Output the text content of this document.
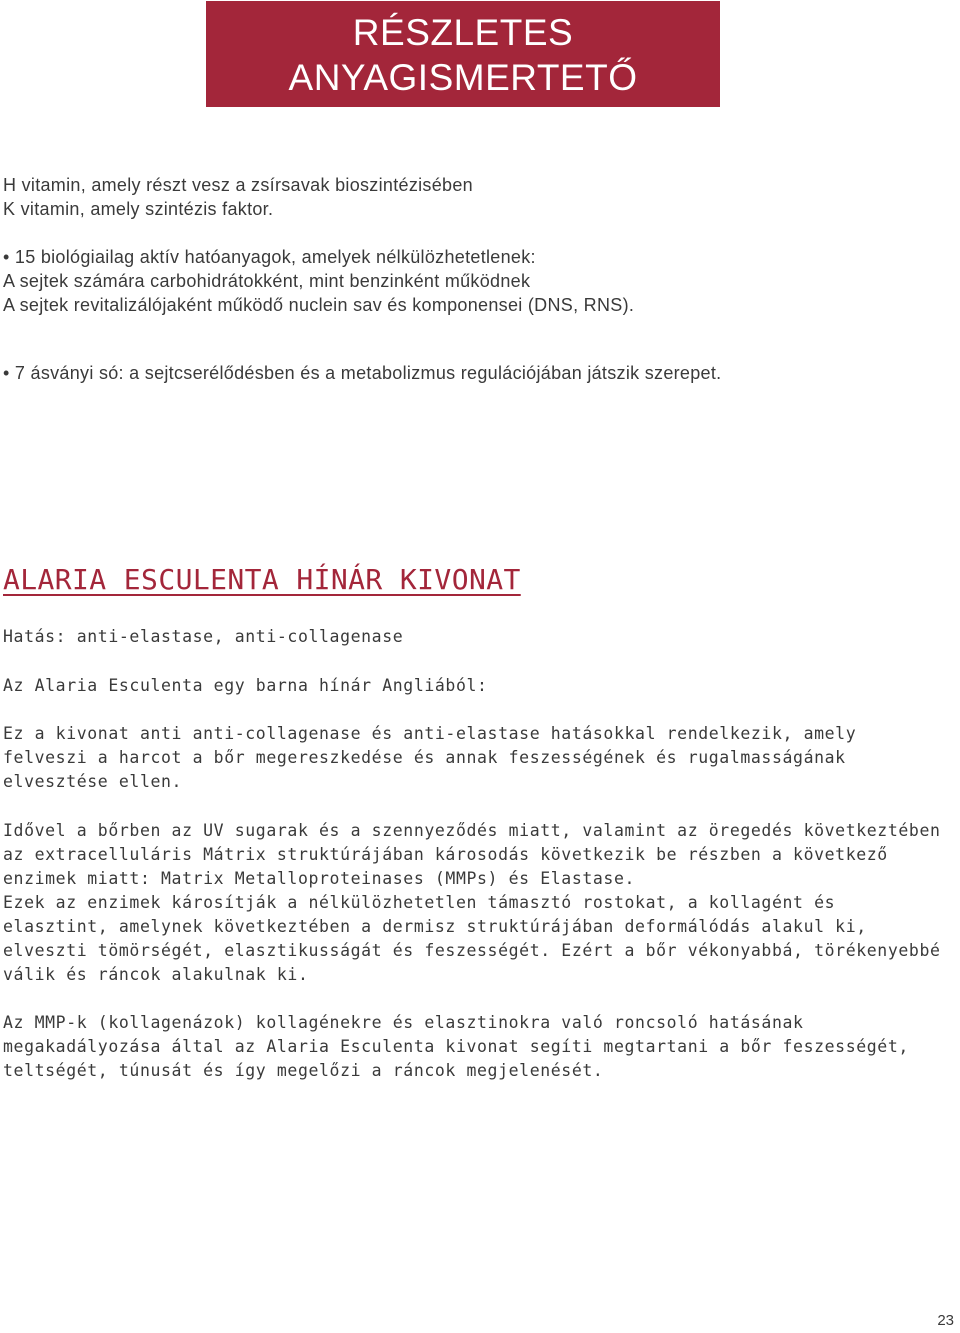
RÉSZLETES
ANYAGISMERTETŐ
H vitamin, amely részt vesz a zsírsavak bioszintézisében
K vitamin, amely szintézis faktor.
• 15 biológiailag aktív hatóanyagok, amelyek nélkülözhetetlenek:
A sejtek számára carbohidrátokként, mint benzinként működnek
A sejtek revitalizálójaként működő nuclein sav és komponensei (DNS, RNS).
• 7 ásványi só: a sejtcserélődésben és a metabolizmus regulációjában játszik szerepet.
ALARIA ESCULENTA HÍNÁR KIVONAT

Hatás: anti-elastase, anti-collagenase

Az Alaria Esculenta egy barna hínár Angliából:

Ez a kivonat anti anti-collagenase és anti-elastase hatásokkal rendelkezik, amely felveszi a harcot a bőr megereszkedése és annak feszességének és rugalmasságának elvesztése ellen.

Idővel a bőrben az UV sugarak és a szennyeződés miatt, valamint az öregedés következtében az extracelluláris Mátrix struktúrájában károsodás következik be részben a következő enzimek miatt: Matrix Metalloproteinases (MMPs) és Elastase.

Ezek az enzimek károsítják a nélkülözhetetlen támasztó rostokat, a kollagént és elasztint, amelynek következtében a dermisz struktúrájában deformálódás alakul ki, elveszti tömörségét, elasztikusságát és feszességét. Ezért a bőr vékonyabbá, törékenyebbé válik és ráncok alakulnak ki.

Az MMP-k (kollagenázok) kollagénekre és elasztinokra való roncsoló hatásának megakadályozása által az Alaria Esculenta kivonat segíti megtartani a bőr feszességét, teltségét, túnusát és így megelőzi a ráncok megjelenését.

23
